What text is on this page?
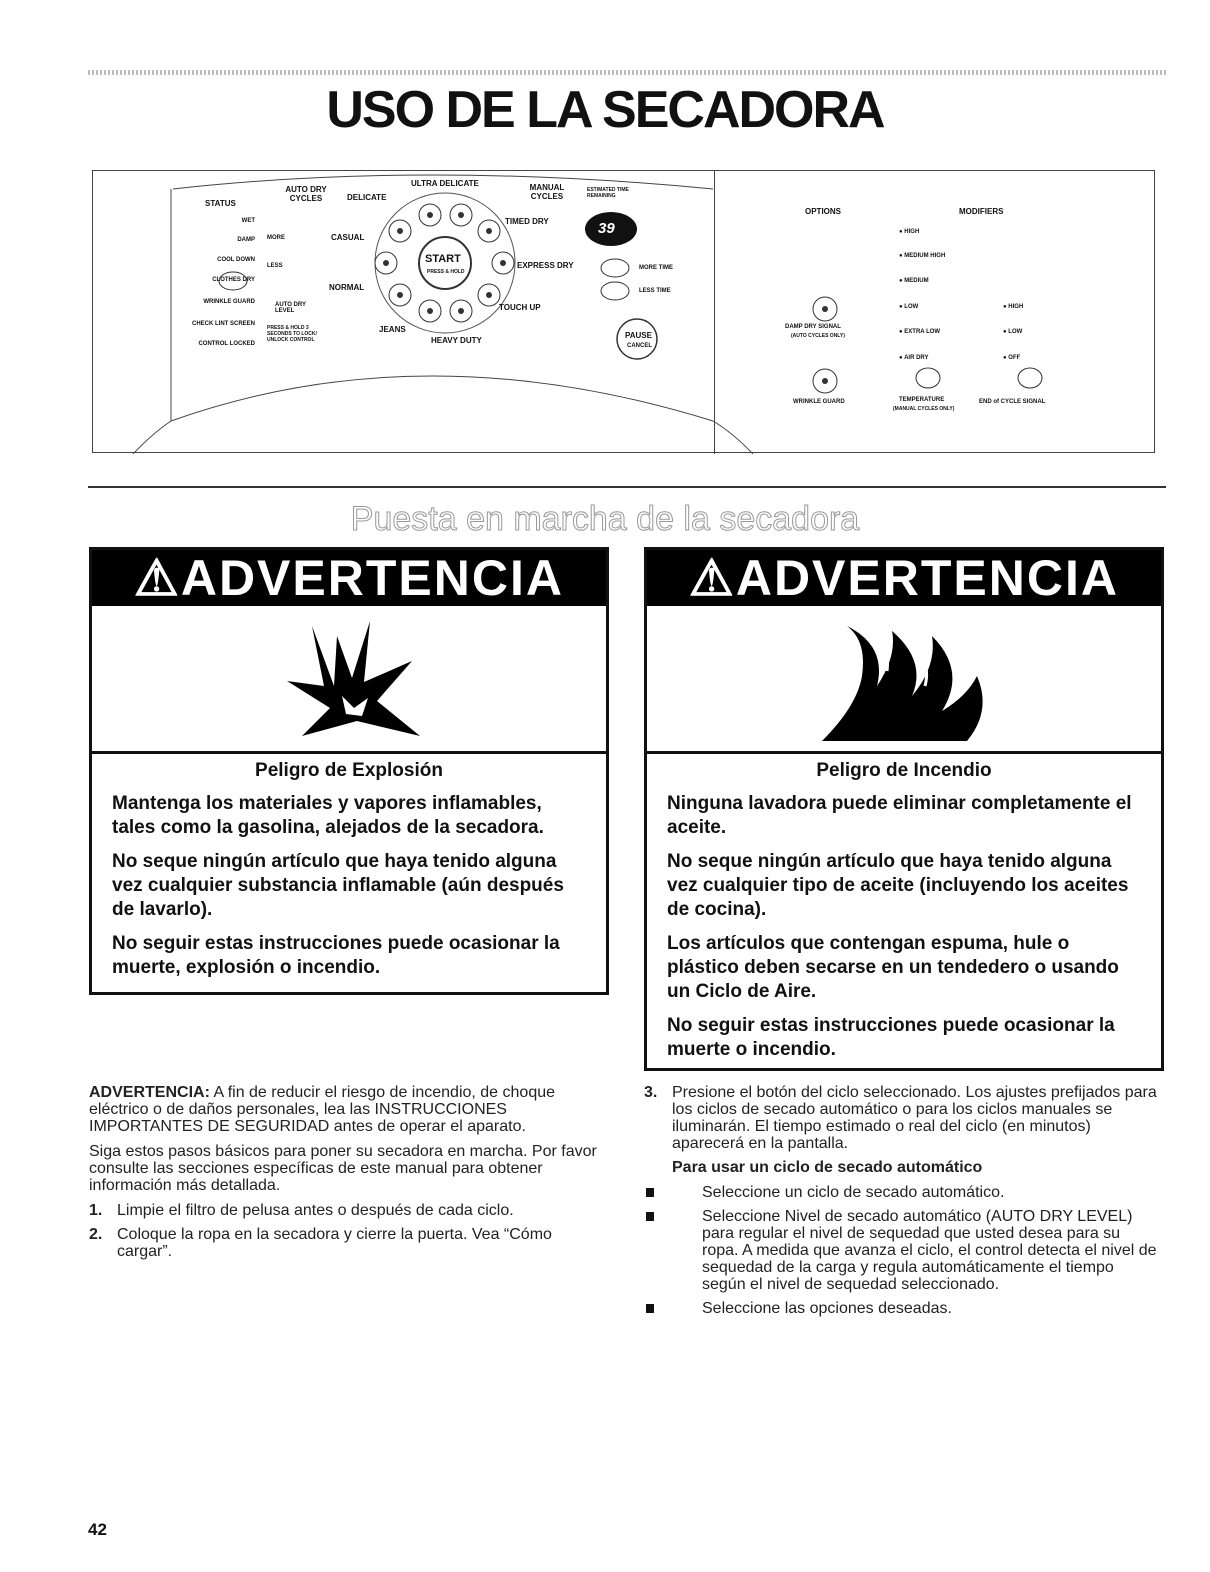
USO DE LA SECADORA
STATUS
WET
DAMP
COOL DOWN
CLOTHES DRY
WRINKLE GUARD
CHECK LINT SCREEN
CONTROL LOCKED
AUTO DRY CYCLES
MORE
LESS
AUTO DRY LEVEL
PRESS & HOLD 3 SECONDS TO LOCK/ UNLOCK CONTROL
DELICATE
ULTRA DELICATE
CASUAL
NORMAL
JEANS
HEAVY DUTY
START
PRESS & HOLD
MANUAL CYCLES
ESTIMATED TIME REMAINING
39
TIMED DRY
EXPRESS DRY
TOUCH UP
MORE TIME
LESS TIME
PAUSE
CANCEL
OPTIONS	MODIFIERS
● HIGH
● MEDIUM HIGH
● MEDIUM
● LOW
● EXTRA LOW
● AIR DRY
● HIGH
● LOW
● OFF
DAMP DRY SIGNAL
(AUTO CYCLES ONLY)
WRINKLE GUARD	TEMPERATURE
(MANUAL CYCLES ONLY)
END of CYCLE SIGNAL
Puesta en marcha de la secadora
⚠ADVERTENCIA
Peligro de Explosión

Mantenga los materiales y vapores inflamables, tales como la gasolina, alejados de la secadora.

No seque ningún artículo que haya tenido alguna vez cualquier substancia inflamable (aún después de lavarlo).

No seguir estas instrucciones puede ocasionar la muerte, explosión o incendio.

⚠ADVERTENCIA
Peligro de Incendio

Ninguna lavadora puede eliminar completamente el aceite.

No seque ningún artículo que haya tenido alguna vez cualquier tipo de aceite (incluyendo los aceites de cocina).

Los artículos que contengan espuma, hule o plástico deben secarse en un tendedero o usando un Ciclo de Aire.

No seguir estas instrucciones puede ocasionar la muerte o incendio.

ADVERTENCIA: A fin de reducir el riesgo de incendio, de choque eléctrico o de daños personales, lea las INSTRUCCIONES IMPORTANTES DE SEGURIDAD antes de operar el aparato.

Siga estos pasos básicos para poner su secadora en marcha. Por favor consulte las secciones específicas de este manual para obtener información más detallada.

1. Limpie el filtro de pelusa antes o después de cada ciclo.
2. Coloque la ropa en la secadora y cierre la puerta. Vea “Cómo cargar”.
3. Presione el botón del ciclo seleccionado. Los ajustes prefijados para los ciclos de secado automático o para los ciclos manuales se iluminarán. El tiempo estimado o real del ciclo (en minutos) aparecerá en la pantalla.
Para usar un ciclo de secado automático
Seleccione un ciclo de secado automático.
Seleccione Nivel de secado automático (AUTO DRY LEVEL) para regular el nivel de sequedad que usted desea para su ropa. A medida que avanza el ciclo, el control detecta el nivel de sequedad de la carga y regula automáticamente el tiempo según el nivel de sequedad seleccionado.
Seleccione las opciones deseadas.
42
